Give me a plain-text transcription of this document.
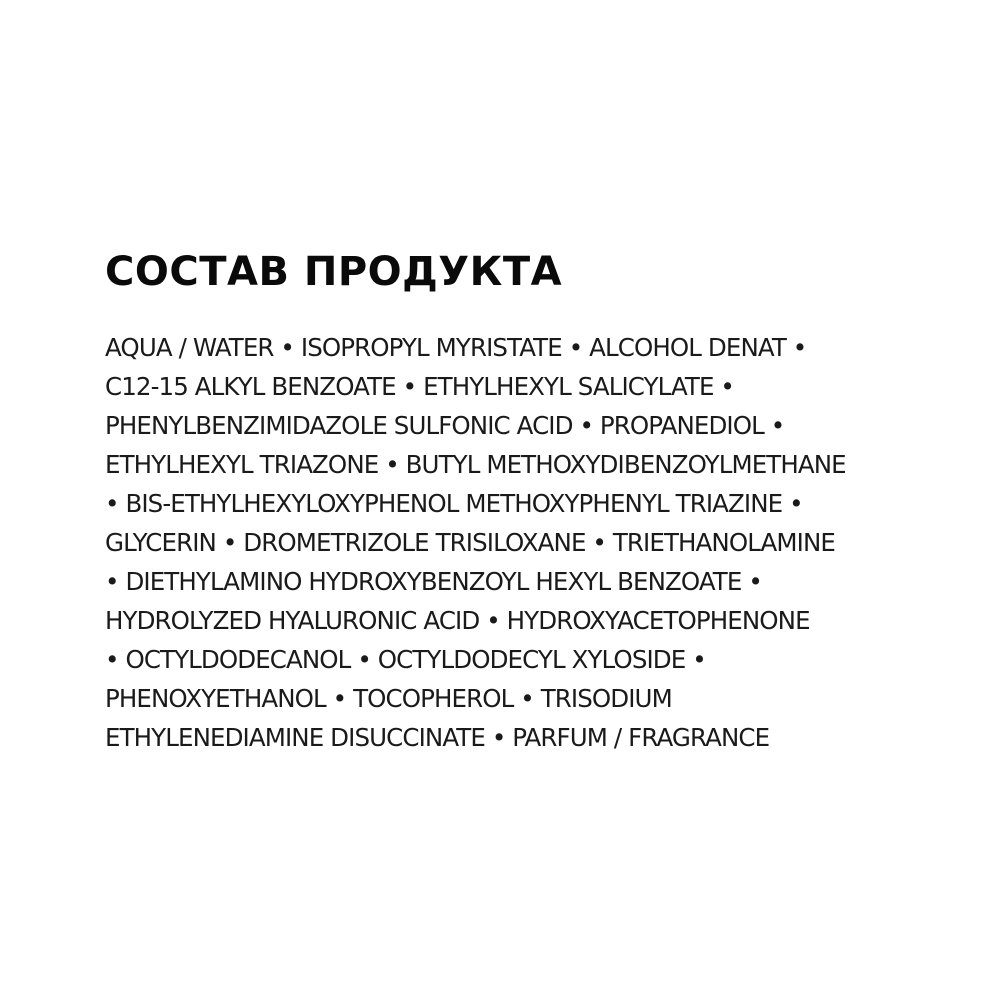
СОСТАВ ПРОДУКТА
AQUA / WATER • ISOPROPYL MYRISTATE • ALCOHOL DENAT •
C12-15 ALKYL BENZOATE • ETHYLHEXYL SALICYLATE •
PHENYLBENZIMIDAZOLE SULFONIC ACID • PROPANEDIOL •
ETHYLHEXYL TRIAZONE • BUTYL METHOXYDIBENZOYLMETHANE
• BIS-ETHYLHEXYLOXYPHENOL METHOXYPHENYL TRIAZINE •
GLYCERIN • DROMETRIZOLE TRISILOXANE • TRIETHANOLAMINE
• DIETHYLAMINO HYDROXYBENZOYL HEXYL BENZOATE •
HYDROLYZED HYALURONIC ACID • HYDROXYACETOPHENONE
• OCTYLDODECANOL • OCTYLDODECYL XYLOSIDE •
PHENOXYETHANOL • TOCOPHEROL • TRISODIUM
ETHYLENEDIAMINE DISUCCINATE • PARFUM / FRAGRANCE
